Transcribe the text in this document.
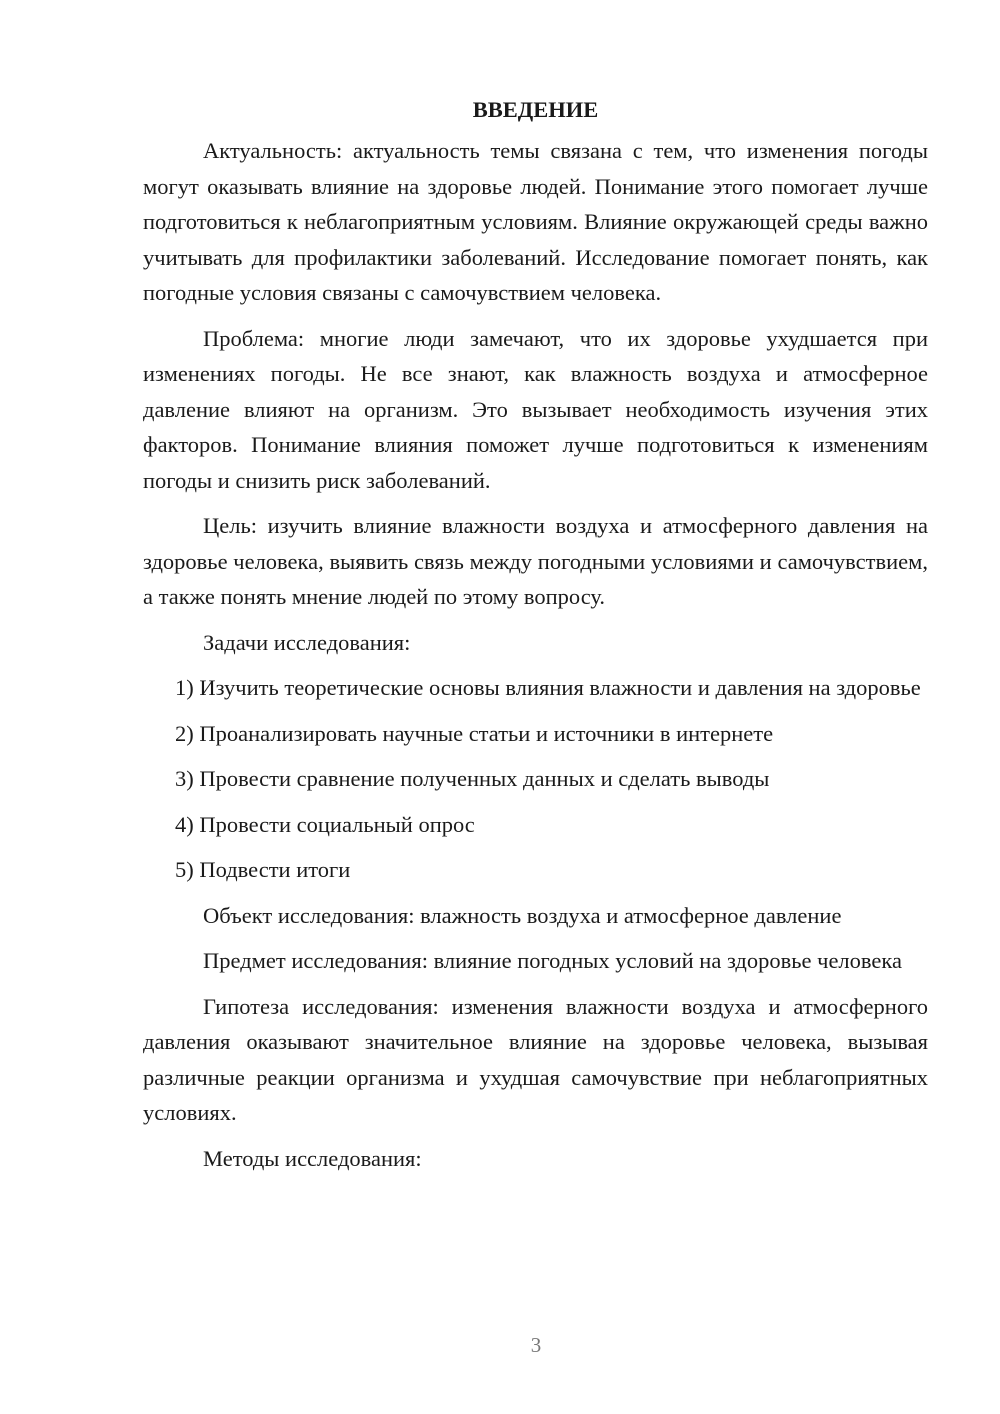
ВВЕДЕНИЕ

Актуальность: актуальность темы связана с тем, что изменения погоды могут оказывать влияние на здоровье людей. Понимание этого помогает лучше подготовиться к неблагоприятным условиям. Влияние окружающей среды важно учитывать для профилактики заболеваний. Исследование помогает понять, как погодные условия связаны с самочувствием человека.

Проблема: многие люди замечают, что их здоровье ухудшается при изменениях погоды. Не все знают, как влажность воздуха и атмосферное давление влияют на организм. Это вызывает необходимость изучения этих факторов. Понимание влияния поможет лучше подготовиться к изменениям погоды и снизить риск заболеваний.

Цель: изучить влияние влажности воздуха и атмосферного давления на здоровье человека, выявить связь между погодными условиями и самочувствием, а также понять мнение людей по этому вопросу.

Задачи исследования:

1) Изучить теоретические основы влияния влажности и давления на здоровье

2) Проанализировать научные статьи и источники в интернете

3) Провести сравнение полученных данных и сделать выводы

4) Провести социальный опрос

5) Подвести итоги

Объект исследования: влажность воздуха и атмосферное давление

Предмет исследования: влияние погодных условий на здоровье человека

Гипотеза исследования: изменения влажности воздуха и атмосферного давления оказывают значительное влияние на здоровье человека, вызывая различные реакции организма и ухудшая самочувствие при неблагоприятных условиях.

Методы исследования:

3
